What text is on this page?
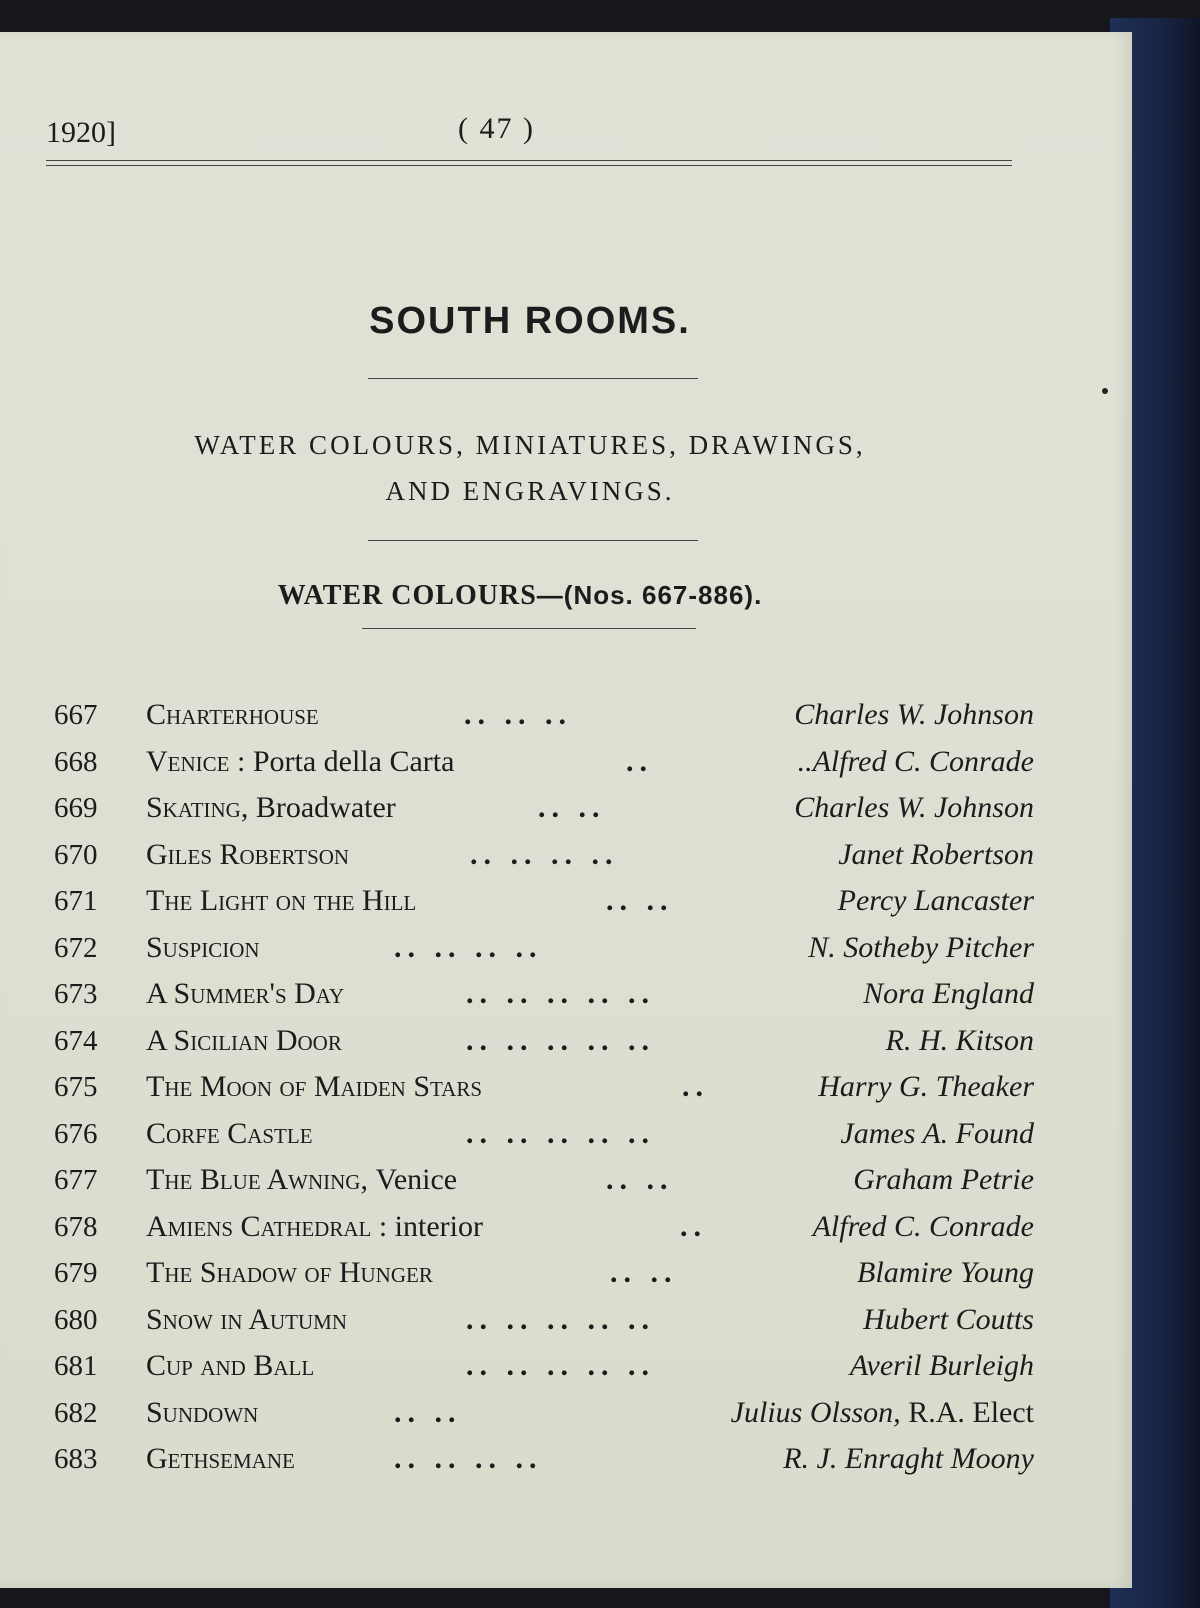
1920]	( 47 )
SOUTH ROOMS.
WATER COLOURS, MINIATURES, DRAWINGS,
AND ENGRAVINGS.
WATER COLOURS—(Nos. 667-886).
667	Charterhouse	.. .. ..	Charles W. Johnson
668	Venice : Porta della Carta	..	..Alfred C. Conrade
669	Skating, Broadwater	.. ..	Charles W. Johnson
670	Giles Robertson	.. .. .. ..	Janet Robertson
671	The Light on the Hill	.. ..	Percy Lancaster
672	Suspicion	.. .. .. ..	N. Sotheby Pitcher
673	A Summer's Day	.. .. .. .. ..	Nora England
674	A Sicilian Door	.. .. .. .. ..	R. H. Kitson
675	The Moon of Maiden Stars	..	Harry G. Theaker
676	Corfe Castle	.. .. .. .. ..	James A. Found
677	The Blue Awning, Venice	.. ..	Graham Petrie
678	Amiens Cathedral : interior	..	Alfred C. Conrade
679	The Shadow of Hunger	.. ..	Blamire Young
680	Snow in Autumn	.. .. .. .. ..	Hubert Coutts
681	Cup and Ball	.. .. .. .. ..	Averil Burleigh
682	Sundown	.. ..	Julius Olsson, R.A. Elect
683	Gethsemane	.. .. .. ..	R. J. Enraght Moony
